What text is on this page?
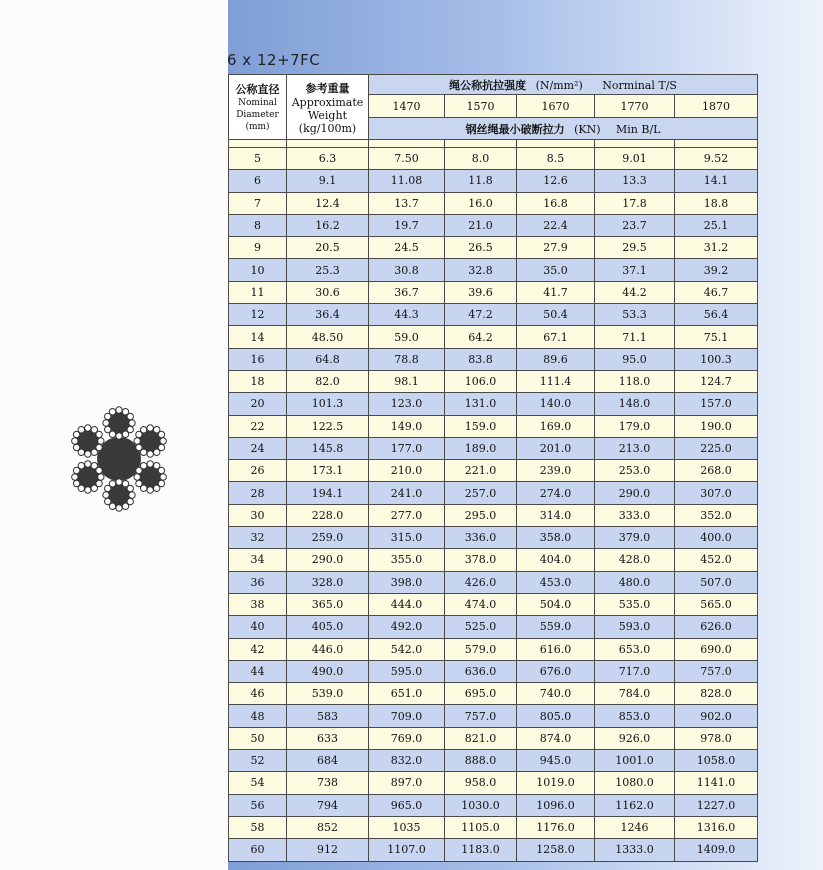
6 x 12+7FC
公称直径
Nominal
Diameter
(mm)	参考重量
Approximate
Weight
(kg/100m)	绳公称抗拉强度 (N/mm²) Norminal T/S				
		1470	1570	1670	1770	1870
		钢丝绳最小破断拉力 (KN) Min B/L				

5	6.3	7.50	8.0	8.5	9.01	9.52
6	9.1	11.08	11.8	12.6	13.3	14.1
7	12.4	13.7	16.0	16.8	17.8	18.8
8	16.2	19.7	21.0	22.4	23.7	25.1
9	20.5	24.5	26.5	27.9	29.5	31.2
10	25.3	30.8	32.8	35.0	37.1	39.2
11	30.6	36.7	39.6	41.7	44.2	46.7
12	36.4	44.3	47.2	50.4	53.3	56.4
14	48.50	59.0	64.2	67.1	71.1	75.1
16	64.8	78.8	83.8	89.6	95.0	100.3
18	82.0	98.1	106.0	111.4	118.0	124.7
20	101.3	123.0	131.0	140.0	148.0	157.0
22	122.5	149.0	159.0	169.0	179.0	190.0
24	145.8	177.0	189.0	201.0	213.0	225.0
26	173.1	210.0	221.0	239.0	253.0	268.0
28	194.1	241.0	257.0	274.0	290.0	307.0
30	228.0	277.0	295.0	314.0	333.0	352.0
32	259.0	315.0	336.0	358.0	379.0	400.0
34	290.0	355.0	378.0	404.0	428.0	452.0
36	328.0	398.0	426.0	453.0	480.0	507.0
38	365.0	444.0	474.0	504.0	535.0	565.0
40	405.0	492.0	525.0	559.0	593.0	626.0
42	446.0	542.0	579.0	616.0	653.0	690.0
44	490.0	595.0	636.0	676.0	717.0	757.0
46	539.0	651.0	695.0	740.0	784.0	828.0
48	583	709.0	757.0	805.0	853.0	902.0
50	633	769.0	821.0	874.0	926.0	978.0
52	684	832.0	888.0	945.0	1001.0	1058.0
54	738	897.0	958.0	1019.0	1080.0	1141.0
56	794	965.0	1030.0	1096.0	1162.0	1227.0
58	852	1035	1105.0	1176.0	1246	1316.0
60	912	1107.0	1183.0	1258.0	1333.0	1409.0
